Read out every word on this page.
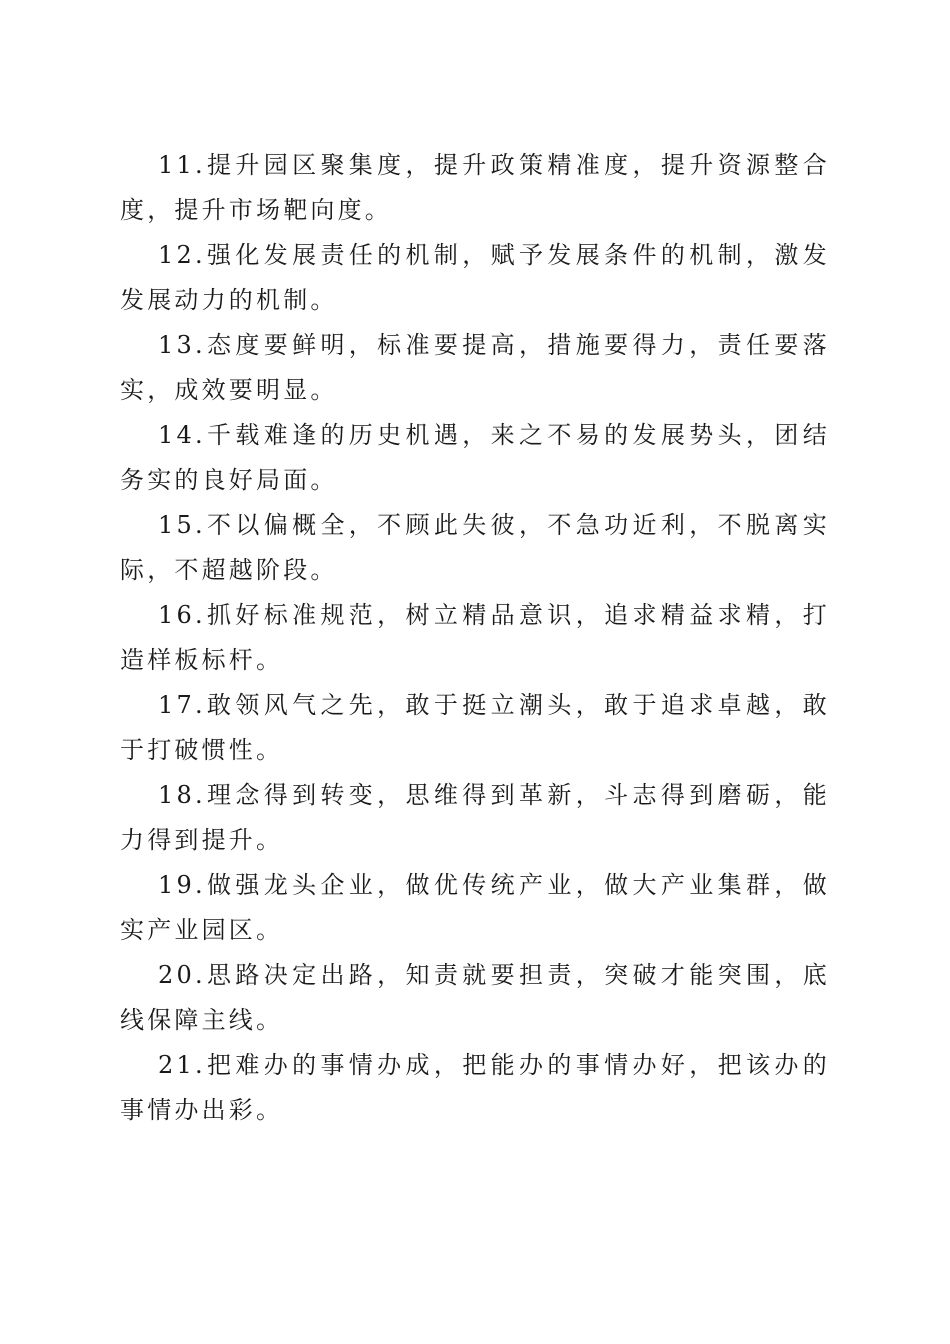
11.提升园区聚集度，提升政策精准度，提升资源整合度，提升市场靶向度。

12.强化发展责任的机制，赋予发展条件的机制，激发发展动力的机制。

13.态度要鲜明，标准要提高，措施要得力，责任要落实，成效要明显。

14.千载难逢的历史机遇，来之不易的发展势头，团结务实的良好局面。

15.不以偏概全，不顾此失彼，不急功近利，不脱离实际，不超越阶段。

16.抓好标准规范，树立精品意识，追求精益求精，打造样板标杆。

17.敢领风气之先，敢于挺立潮头，敢于追求卓越，敢于打破惯性。

18.理念得到转变，思维得到革新，斗志得到磨砺，能力得到提升。

19.做强龙头企业，做优传统产业，做大产业集群，做实产业园区。

20.思路决定出路，知责就要担责，突破才能突围，底线保障主线。

21.把难办的事情办成，把能办的事情办好，把该办的事情办出彩。
